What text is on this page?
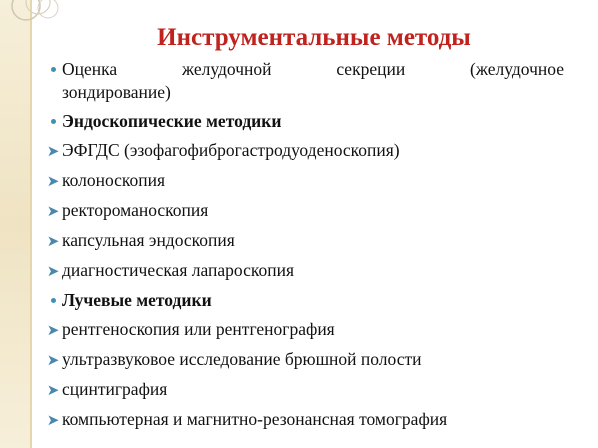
Инструментальные методы
Оценка	желудочной	секреции	(желудочное
зондирование)
Эндоскопические методики
➤ ЭФГДС (эзофагофиброгастродуоденоскопия)
➤ колоноскопия
➤ ректороманоскопия
➤ капсульная эндоскопия
➤ диагностическая лапароскопия
Лучевые методики
➤ рентгеноскопия или рентгенография
➤ ультразвуковое исследование брюшной полости
➤ сцинтиграфия
➤ компьютерная и магнитно-резонансная томография
